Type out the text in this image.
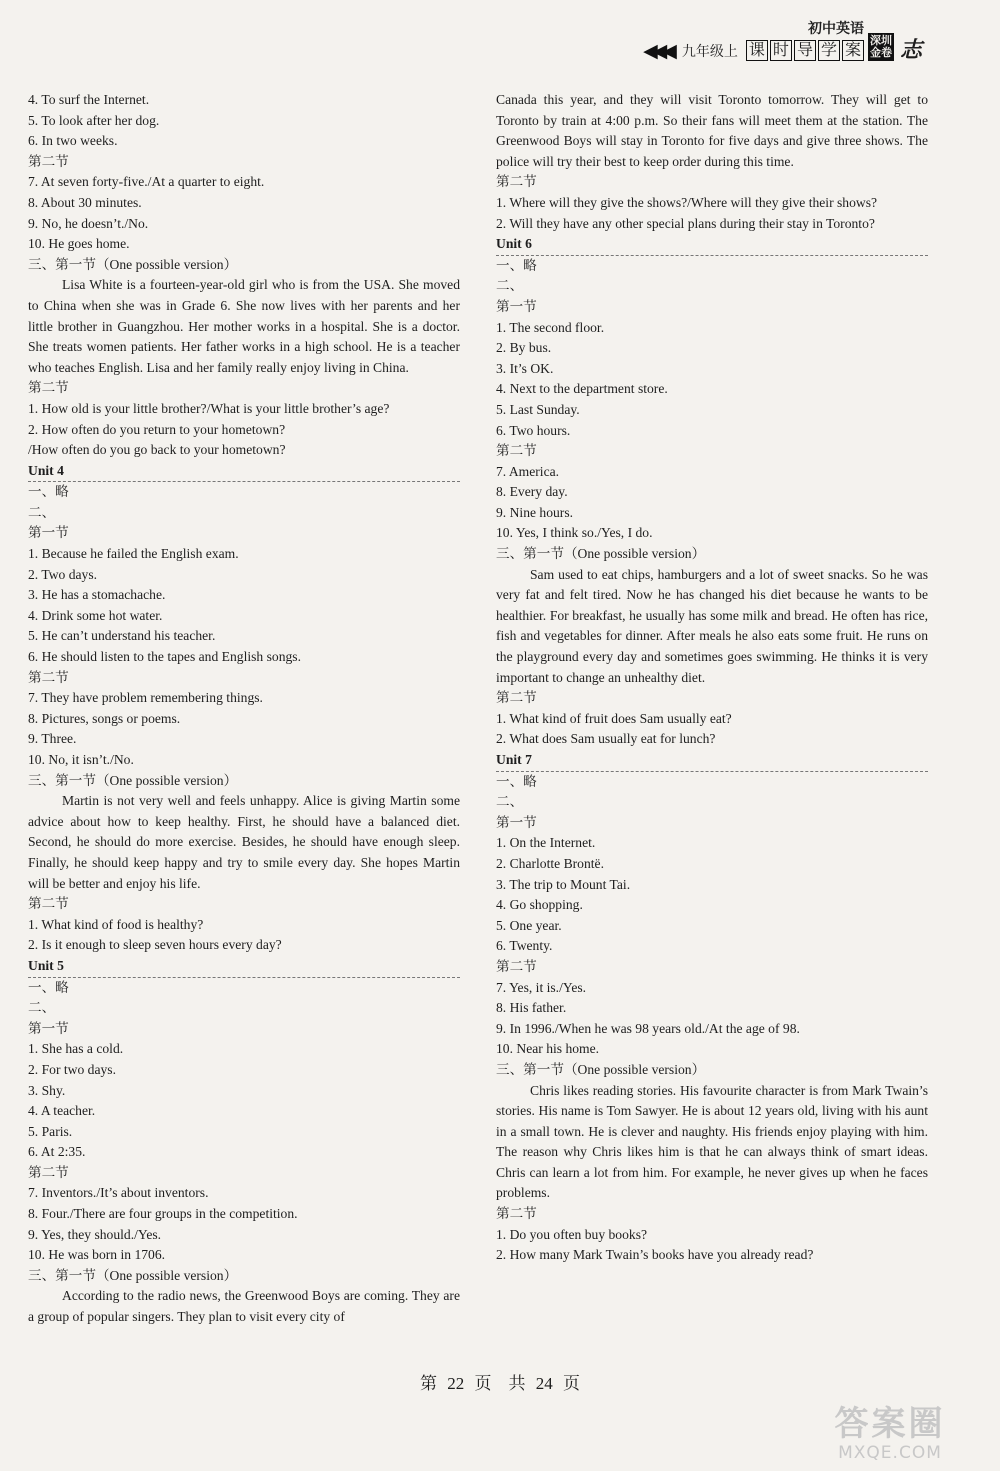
◀◀◀ 九年级上
初中英语
课 时 导 学 案
深圳
金卷 志

4. To surf the Internet.

5. To look after her dog.

6. In two weeks.

第二节

7. At seven forty-five./At a quarter to eight.

8. About 30 minutes.

9. No, he doesn’t./No.

10. He goes home.

三、第一节（One possible version）

Lisa White is a fourteen-year-old girl who is from the USA. She moved to China when she was in Grade 6. She now lives with her parents and her little brother in Guangzhou. Her mother works in a hospital. She is a doctor. She treats women patients. Her father works in a high school. He is a teacher who teaches English. Lisa and her family really enjoy living in China.

第二节

1. How old is your little brother?/What is your little brother’s age?

2. How often do you return to your hometown?

/How often do you go back to your hometown?

Unit 4

一、略

二、

第一节

1. Because he failed the English exam.

2. Two days.

3. He has a stomachache.

4. Drink some hot water.

5. He can’t understand his teacher.

6. He should listen to the tapes and English songs.

第二节

7. They have problem remembering things.

8. Pictures, songs or poems.

9. Three.

10. No, it isn’t./No.

三、第一节（One possible version）

Martin is not very well and feels unhappy. Alice is giving Martin some advice about how to keep healthy. First, he should have a balanced diet. Second, he should do more exercise. Besides, he should have enough sleep. Finally, he should keep happy and try to smile every day. She hopes Martin will be better and enjoy his life.

第二节

1. What kind of food is healthy?

2. Is it enough to sleep seven hours every day?

Unit 5

一、略

二、

第一节

1. She has a cold.

2. For two days.

3. Shy.

4. A teacher.

5. Paris.

6. At 2:35.

第二节

7. Inventors./It’s about inventors.

8. Four./There are four groups in the competition.

9. Yes, they should./Yes.

10. He was born in 1706.

三、第一节（One possible version）

According to the radio news, the Greenwood Boys are coming. They are a group of popular singers. They plan to visit every city of

Canada this year, and they will visit Toronto tomorrow. They will get to Toronto by train at 4:00 p.m. So their fans will meet them at the station. The Greenwood Boys will stay in Toronto for five days and give three shows. The police will try their best to keep order during this time.

第二节

1. Where will they give the shows?/Where will they give their shows?

2. Will they have any other special plans during their stay in Toronto?

Unit 6

一、略

二、

第一节

1. The second floor.

2. By bus.

3. It’s OK.

4. Next to the department store.

5. Last Sunday.

6. Two hours.

第二节

7. America.

8. Every day.

9. Nine hours.

10. Yes, I think so./Yes, I do.

三、第一节（One possible version）

Sam used to eat chips, hamburgers and a lot of sweet snacks. So he was very fat and felt tired. Now he has changed his diet because he wants to be healthier. For breakfast, he usually has some milk and bread. He often has rice, fish and vegetables for dinner. After meals he also eats some fruit. He runs on the playground every day and sometimes goes swimming. He thinks it is very important to change an unhealthy diet.

第二节

1. What kind of fruit does Sam usually eat?

2. What does Sam usually eat for lunch?

Unit 7

一、略

二、

第一节

1. On the Internet.

2. Charlotte Brontë.

3. The trip to Mount Tai.

4. Go shopping.

5. One year.

6. Twenty.

第二节

7. Yes, it is./Yes.

8. His father.

9. In 1996./When he was 98 years old./At the age of 98.

10. Near his home.

三、第一节（One possible version）

Chris likes reading stories. His favourite character is from Mark Twain’s stories. His name is Tom Sawyer. He is about 12 years old, living with his aunt in a small town. He is clever and naughty. His friends enjoy playing with him. The reason why Chris likes him is that he can always think of smart ideas. Chris can learn a lot from him. For example, he never gives up when he faces problems.

第二节

1. Do you often buy books?

2. How many Mark Twain’s books have you already read?

第 22 页　共 24 页
答案圈
MXQE.COM
